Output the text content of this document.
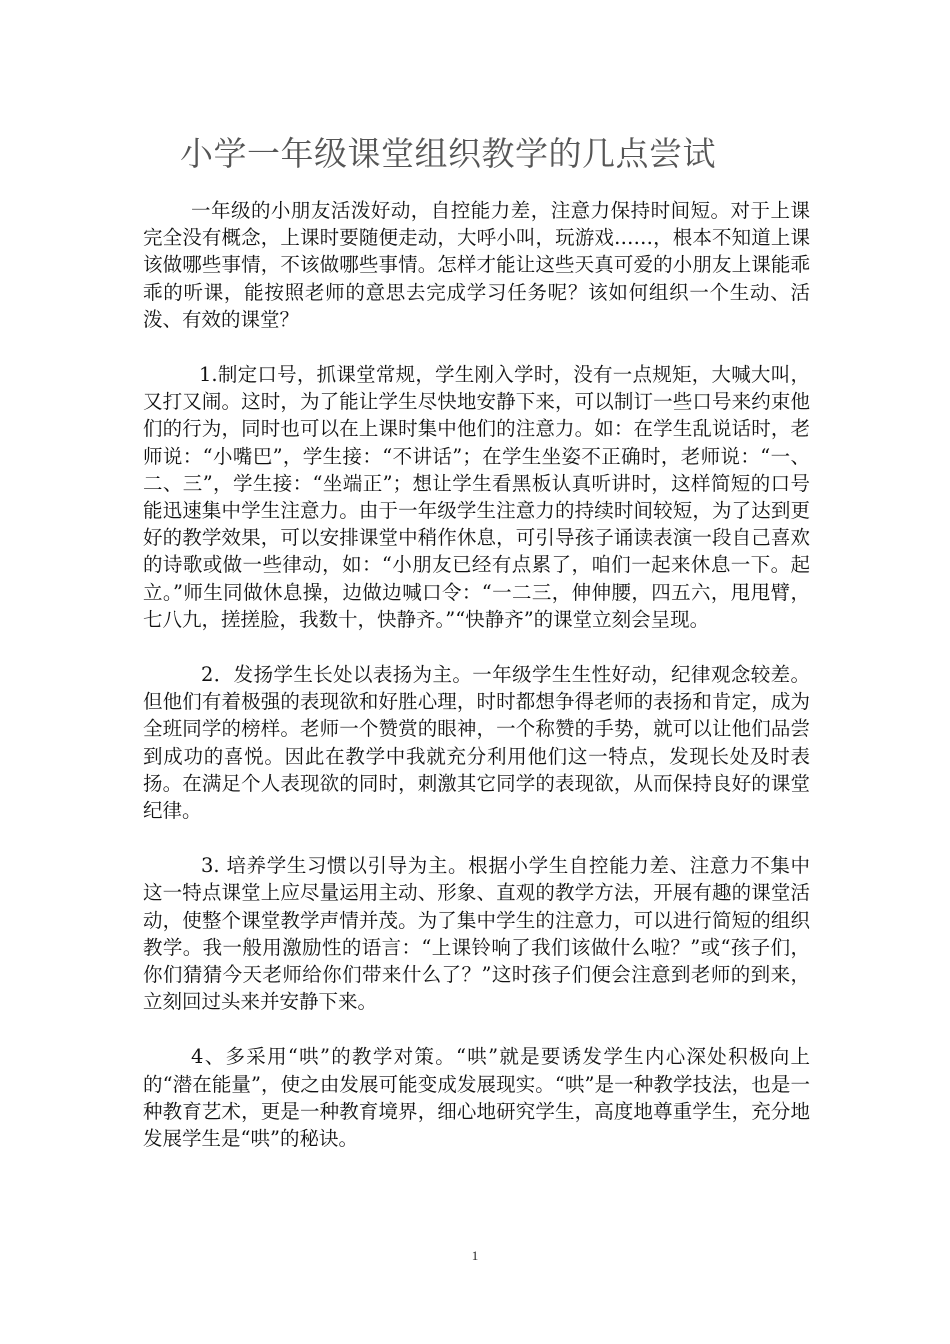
小学一年级课堂组织教学的几点尝试

一年级的小朋友活泼好动，自控能力差，注意力保持时间短。对于上课完全没有概念，上课时要随便走动，大呼小叫，玩游戏……，根本不知道上课该做哪些事情，不该做哪些事情。怎样才能让这些天真可爱的小朋友上课能乖乖的听课，能按照老师的意思去完成学习任务呢？该如何组织一个生动、活泼、有效的课堂？

1.制定口号，抓课堂常规，学生刚入学时，没有一点规矩，大喊大叫，又打又闹。这时，为了能让学生尽快地安静下来，可以制订一些口号来约束他们的行为，同时也可以在上课时集中他们的注意力。如：在学生乱说话时，老师说：“小嘴巴”，学生接：“不讲话”；在学生坐姿不正确时，老师说：“一、二、三”，学生接：“坐端正”；想让学生看黑板认真听讲时，这样简短的口号能迅速集中学生注意力。由于一年级学生注意力的持续时间较短，为了达到更好的教学效果，可以安排课堂中稍作休息，可引导孩子诵读表演一段自己喜欢的诗歌或做一些律动，如：“小朋友已经有点累了，咱们一起来休息一下。起立。”师生同做休息操，边做边喊口令：“一二三，伸伸腰，四五六，甩甩臂，七八九，搓搓脸，我数十，快静齐。”“快静齐”的课堂立刻会呈现。

2．发扬学生长处以表扬为主。一年级学生生性好动，纪律观念较差。但他们有着极强的表现欲和好胜心理，时时都想争得老师的表扬和肯定，成为全班同学的榜样。老师一个赞赏的眼神，一个称赞的手势，就可以让他们品尝到成功的喜悦。因此在教学中我就充分利用他们这一特点，发现长处及时表扬。在满足个人表现欲的同时，刺激其它同学的表现欲，从而保持良好的课堂纪律。

3. 培养学生习惯以引导为主。根据小学生自控能力差、注意力不集中这一特点课堂上应尽量运用主动、形象、直观的教学方法，开展有趣的课堂活动，使整个课堂教学声情并茂。为了集中学生的注意力，可以进行简短的组织教学。我一般用激励性的语言：“上课铃响了我们该做什么啦？”或“孩子们，你们猜猜今天老师给你们带来什么了？”这时孩子们便会注意到老师的到来，立刻回过头来并安静下来。

4、多采用“哄”的教学对策。“哄”就是要诱发学生内心深处积极向上的“潜在能量”，使之由发展可能变成发展现实。“哄”是一种教学技法，也是一种教育艺术，更是一种教育境界，细心地研究学生，高度地尊重学生，充分地发展学生是“哄”的秘诀。

1
